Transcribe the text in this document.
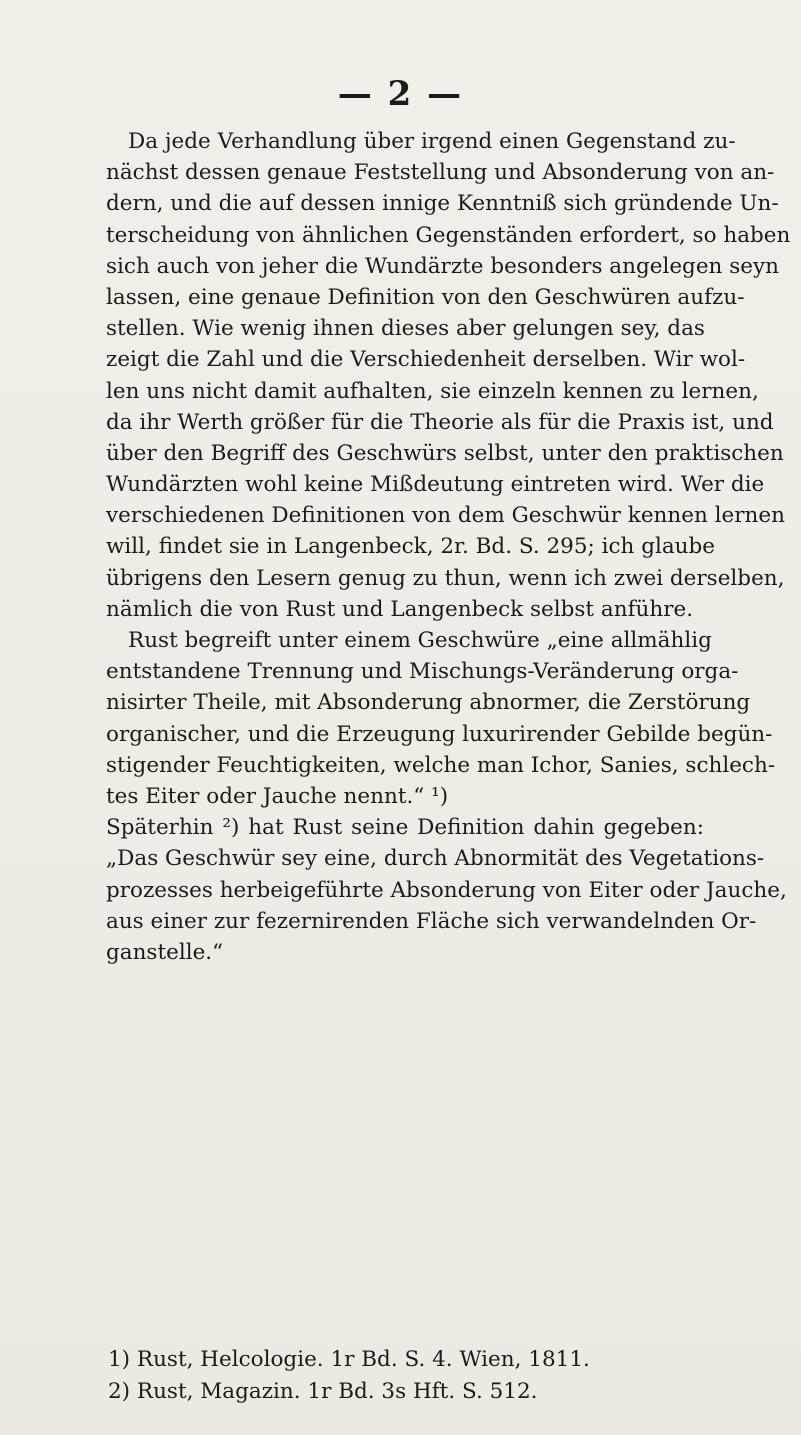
— 2 —
Da jede Verhandlung über irgend einen Gegenstand zu-
nächst dessen genaue Feststellung und Absonderung von an-
dern, und die auf dessen innige Kenntniß sich gründende Un-
terscheidung von ähnlichen Gegenständen erfordert, so haben
sich auch von jeher die Wundärzte besonders angelegen seyn
lassen, eine genaue Definition von den Geschwüren aufzu-
stellen. Wie wenig ihnen dieses aber gelungen sey, das
zeigt die Zahl und die Verschiedenheit derselben. Wir wol-
len uns nicht damit aufhalten, sie einzeln kennen zu lernen,
da ihr Werth größer für die Theorie als für die Praxis ist, und
über den Begriff des Geschwürs selbst, unter den praktischen
Wundärzten wohl keine Mißdeutung eintreten wird. Wer die
verschiedenen Definitionen von dem Geschwür kennen lernen
will, findet sie in Langenbeck, 2r. Bd. S. 295; ich glaube
übrigens den Lesern genug zu thun, wenn ich zwei derselben,
nämlich die von Rust und Langenbeck selbst anführe.
Rust begreift unter einem Geschwüre „eine allmählig
entstandene Trennung und Mischungs-Veränderung orga-
nisirter Theile, mit Absonderung abnormer, die Zerstörung
organischer, und die Erzeugung luxurirender Gebilde begün-
stigender Feuchtigkeiten, welche man Ichor, Sanies, schlech-
tes Eiter oder Jauche nennt.“ ¹)
Späterhin ²) hat Rust seine Definition dahin gegeben:
„Das Geschwür sey eine, durch Abnormität des Vegetations-
prozesses herbeigeführte Absonderung von Eiter oder Jauche,
aus einer zur fezernirenden Fläche sich verwandelnden Or-
ganstelle.“
1) Rust, Helcologie. 1r Bd. S. 4. Wien, 1811.
2) Rust, Magazin. 1r Bd. 3s Hft. S. 512.
